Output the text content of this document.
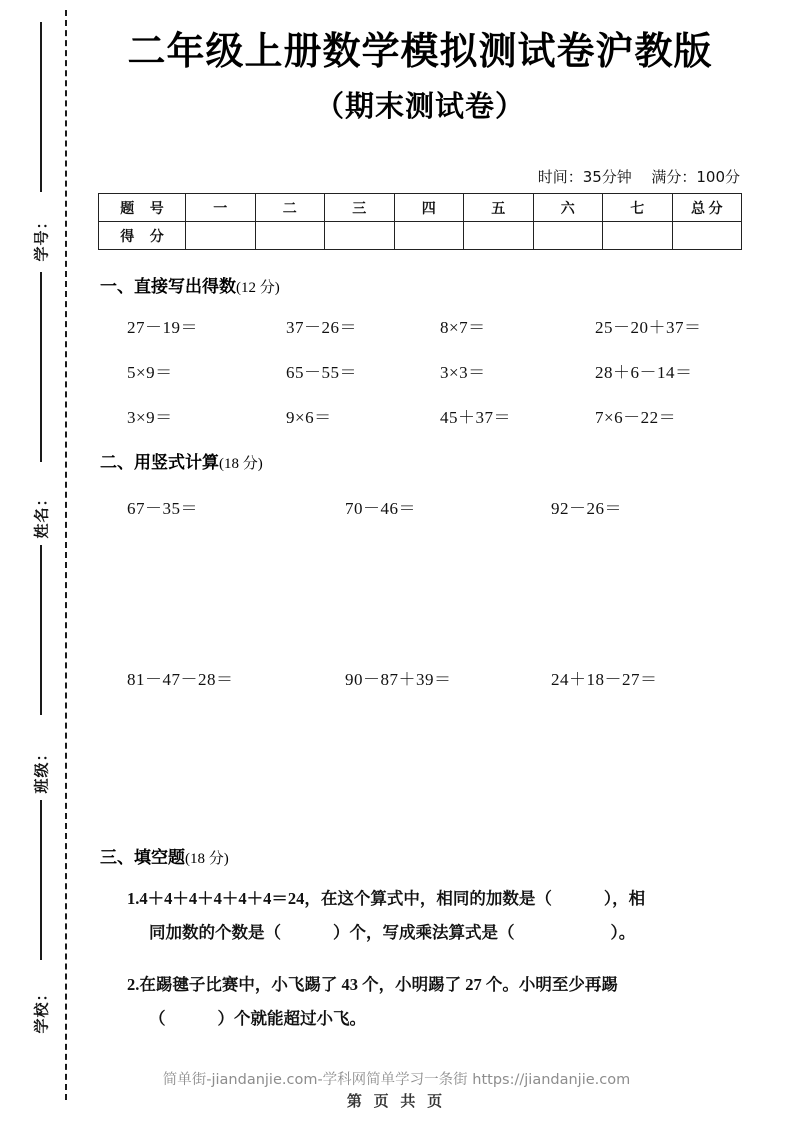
学号：
姓名：
班级：
学校：
二年级上册数学模拟测试卷沪教版
（期末测试卷）
时间：35分钟 满分：100分
题 号	一	二	三	四	五	六	七	总 分
得 分								
一、直接写出得数(12 分)
27－19＝	37－26＝	8×7＝	25－20＋37＝
5×9＝	65－55＝	3×3＝	28＋6－14＝
3×9＝	9×6＝	45＋37＝	7×6－22＝
二、用竖式计算(18 分)
67－35＝	70－46＝	92－26＝
81－47－28＝	90－87＋39＝	24＋18－27＝
三、填空题(18 分)
1.4＋4＋4＋4＋4＋4＝24，在这个算式中，相同的加数是（	），相
同加数的个数是（	）个，写成乘法算式是（	）。
2.在踢毽子比赛中，小飞踢了 43 个，小明踢了 27 个。小明至少再踢
（	）个就能超过小飞。
简单街-jiandanjie.com-学科网简单学习一条街 https://jiandanjie.com
第 页 共 页
